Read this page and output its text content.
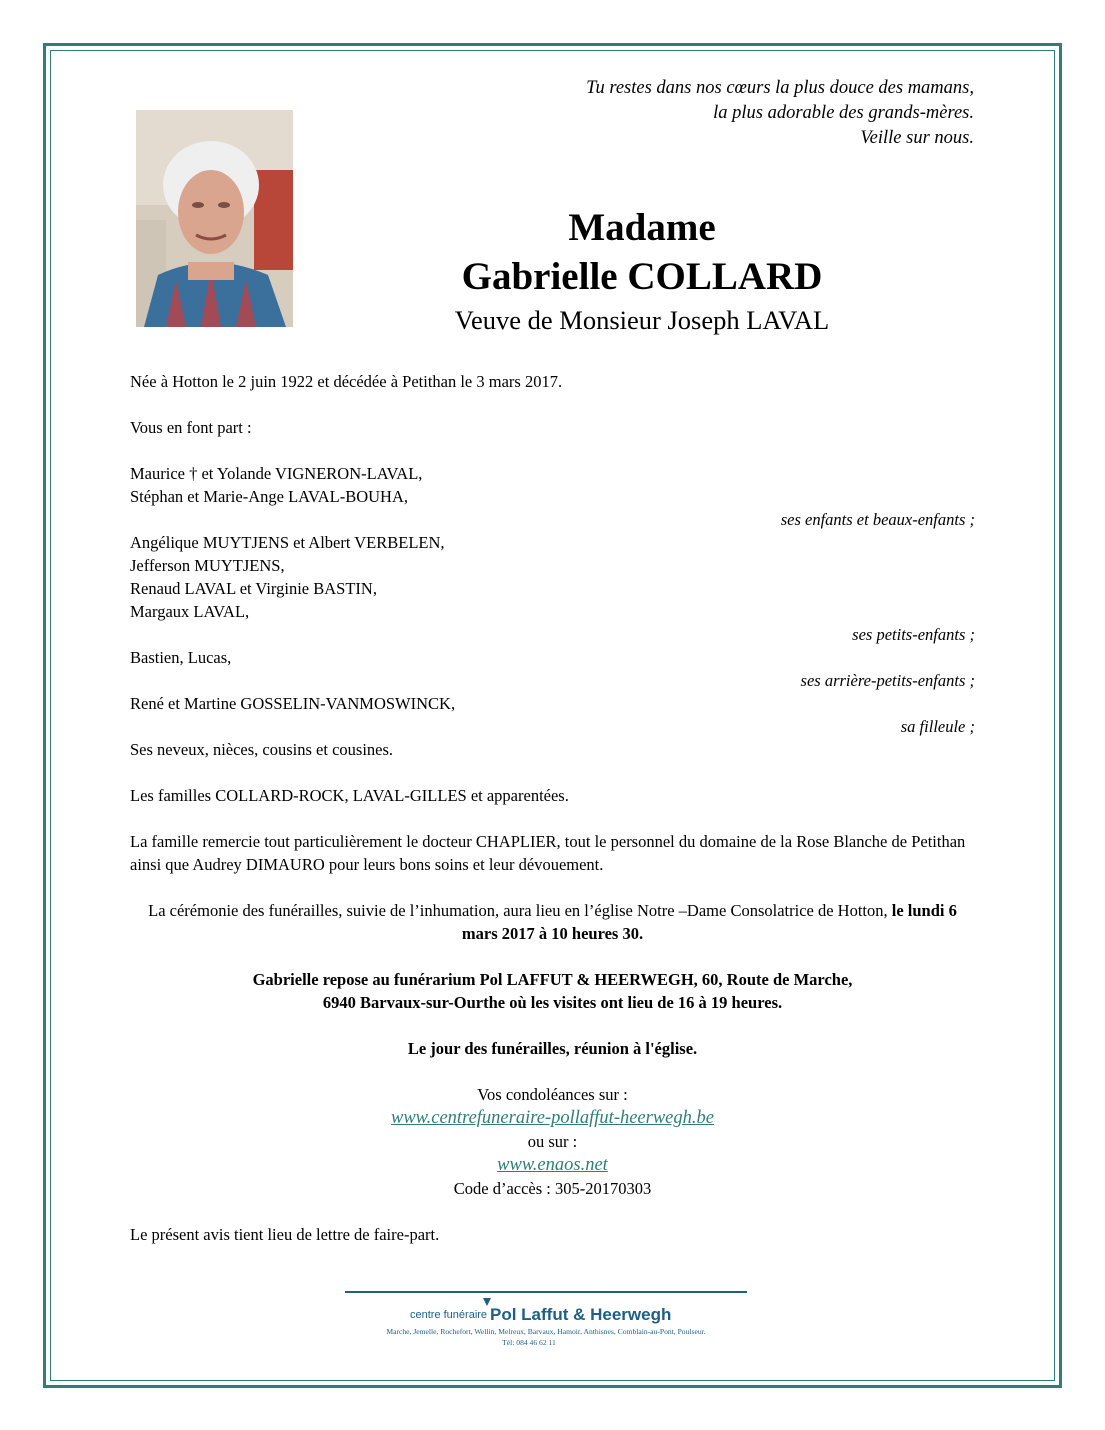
Tu restes dans nos cœurs la plus douce des mamans,
la plus adorable des grands-mères.
Veille sur nous.
Madame
Gabrielle COLLARD
Veuve de Monsieur Joseph LAVAL

Née à Hotton le 2 juin 1922 et décédée à Petithan le 3 mars 2017.

Vous en font part :

Maurice † et Yolande VIGNERON-LAVAL,

Stéphan et Marie-Ange LAVAL-BOUHA,

ses enfants et beaux-enfants ;

Angélique MUYTJENS et Albert VERBELEN,

Jefferson MUYTJENS,

Renaud LAVAL et Virginie BASTIN,

Margaux LAVAL,

ses petits-enfants ;

Bastien, Lucas,

ses arrière-petits-enfants ;

René et Martine GOSSELIN-VANMOSWINCK,

sa filleule ;

Ses neveux, nièces, cousins et cousines.

Les familles COLLARD-ROCK, LAVAL-GILLES et apparentées.

La famille remercie tout particulièrement le docteur CHAPLIER, tout le personnel du domaine de la Rose Blanche de Petithan ainsi que Audrey DIMAURO pour leurs bons soins et leur dévouement.

La cérémonie des funérailles, suivie de l’inhumation, aura lieu en l’église Notre –Dame Consolatrice de Hotton, le lundi 6 mars 2017 à 10 heures 30.

Gabrielle repose au funérarium Pol LAFFUT & HEERWEGH, 60, Route de Marche,

6940 Barvaux-sur-Ourthe où les visites ont lieu de 16 à 19 heures.

Le jour des funérailles, réunion à l'église.

Vos condoléances sur :

www.centrefuneraire-pollaffut-heerwegh.be

ou sur :

www.enaos.net

Code d’accès : 305-20170303

Le présent avis tient lieu de lettre de faire-part.

centre funéraire Pol Laffut & Heerwegh
Marche, Jemelle, Rochefort, Wellin, Melreux, Barvaux, Hamoir, Anthisnes, Comblain-au-Pont, Poulseur.
Tél: 084 46 62 11
